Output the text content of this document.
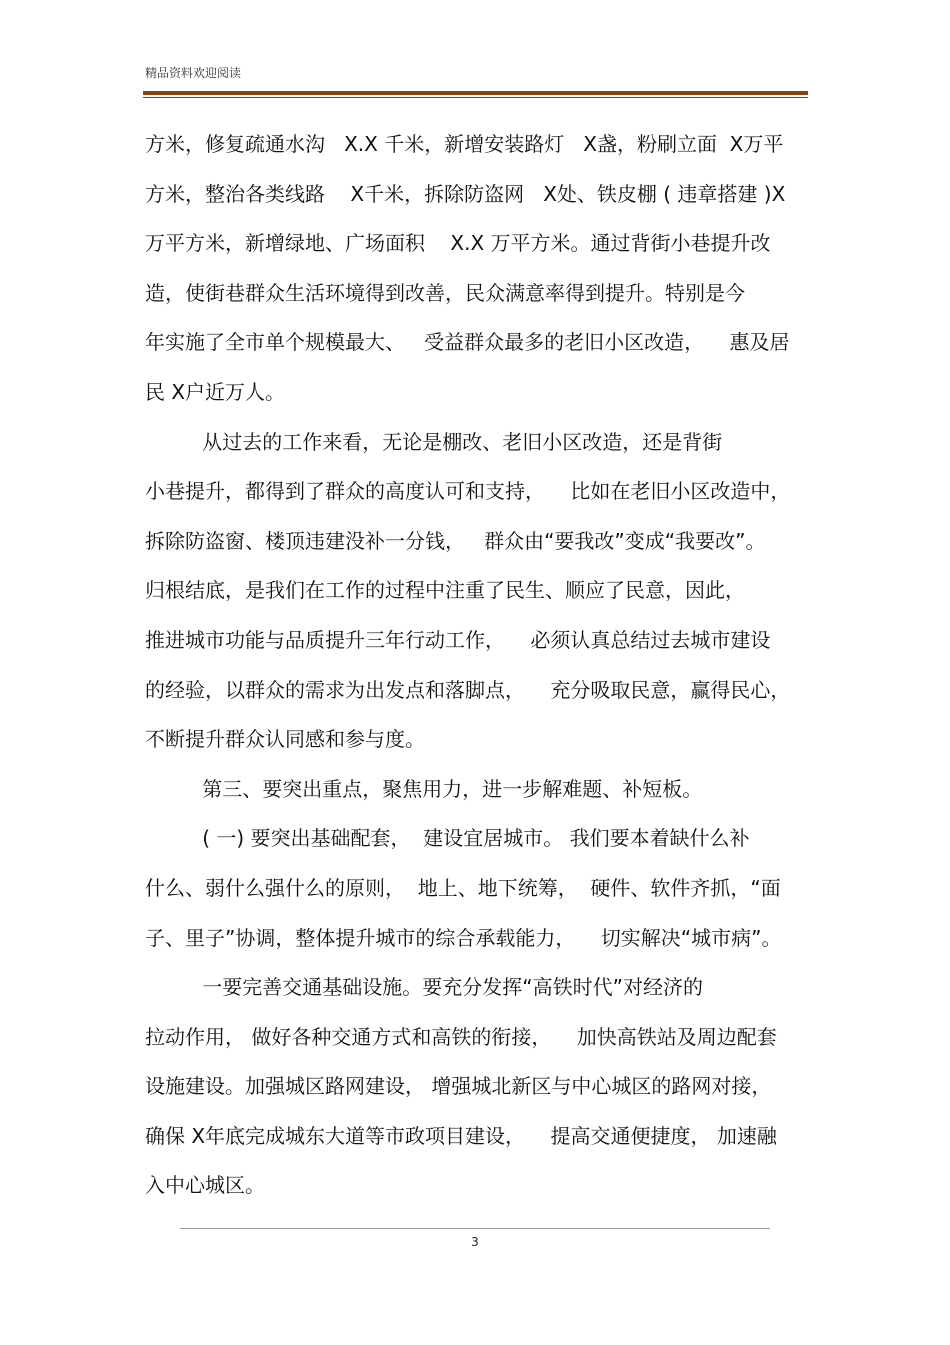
精品资料欢迎阅读
方米，修复疏通水沟   X.X 千米，新增安装路灯   X盏，粉刷立面  X万平
方米，整治各类线路    X千米，拆除防盗网   X处、铁皮棚 ( 违章搭建 )X
万平方米，新增绿地、广场面积    X.X 万平方米。通过背街小巷提升改
造，使街巷群众生活环境得到改善，民众满意率得到提升。特别是今
年实施了全市单个规模最大、   受益群众最多的老旧小区改造，    惠及居
民 X户近万人。
从过去的工作来看，无论是棚改、老旧小区改造，还是背街
小巷提升，都得到了群众的高度认可和支持，    比如在老旧小区改造中，
拆除防盗窗、楼顶违建没补一分钱，   群众由“要我改”变成“我要改”。
归根结底，是我们在工作的过程中注重了民生、顺应了民意，因此，
推进城市功能与品质提升三年行动工作，    必须认真总结过去城市建设
的经验，以群众的需求为出发点和落脚点，    充分吸取民意，赢得民心，
不断提升群众认同感和参与度。
第三、要突出重点，聚焦用力，进一步解难题、补短板。
( 一) 要突出基础配套，  建设宜居城市。 我们要本着缺什么补
什么、弱什么强什么的原则，  地上、地下统筹，  硬件、软件齐抓，“面
子、里子”协调，整体提升城市的综合承载能力，    切实解决“城市病”。
一要完善交通基础设施。要充分发挥“高铁时代”对经济的
拉动作用， 做好各种交通方式和高铁的衔接，    加快高铁站及周边配套
设施建设。加强城区路网建设， 增强城北新区与中心城区的路网对接，
确保 X年底完成城东大道等市政项目建设，    提高交通便捷度， 加速融
入中心城区。
3
